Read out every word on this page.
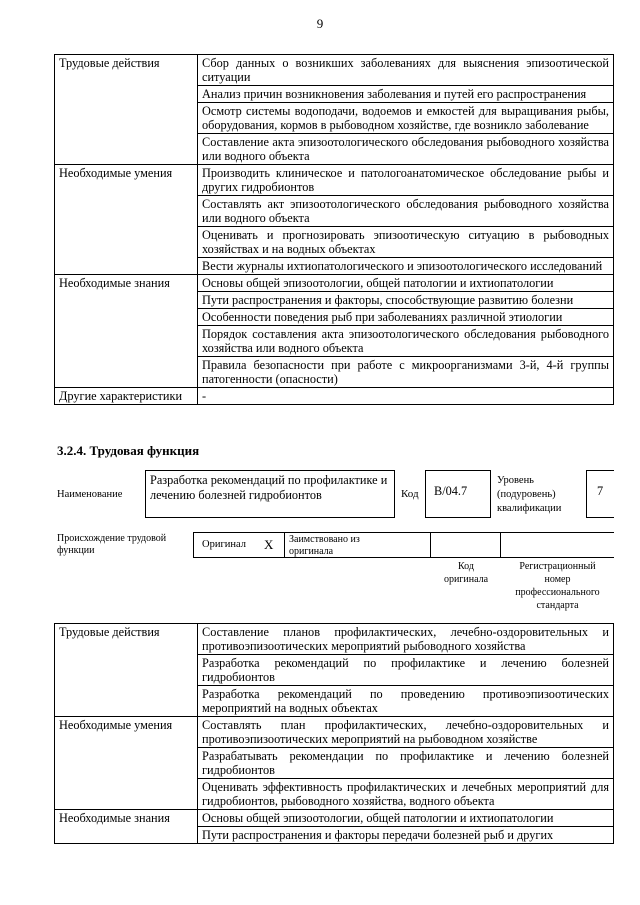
9
Трудовые действия	Сбор данных о возникших заболеваниях для выяснения эпизоотической ситуации
	Анализ причин возникновения заболевания и путей его распространения
	Осмотр системы водоподачи, водоемов и емкостей для выращивания рыбы, оборудования, кормов в рыбоводном хозяйстве, где возникло заболевание
	Составление акта эпизоотологического обследования рыбоводного хозяйства или водного объекта
Необходимые умения	Производить клиническое и патологоанатомическое обследование рыбы и других гидробионтов
	Составлять акт эпизоотологического обследования рыбоводного хозяйства или водного объекта
	Оценивать и прогнозировать эпизоотическую ситуацию в рыбоводных хозяйствах и на водных объектах
	Вести журналы ихтиопатологического и эпизоотологического исследований
Необходимые знания	Основы общей эпизоотологии, общей патологии и ихтиопатологии
	Пути распространения и факторы, способствующие развитию болезни
	Особенности поведения рыб при заболеваниях различной этиологии
	Порядок составления акта эпизоотологического обследования рыбоводного хозяйства или водного объекта
	Правила безопасности при работе с микроорганизмами 3-й, 4-й группы патогенности (опасности)
Другие характеристики	-
3.2.4. Трудовая функция
Наименование
Разработка рекомендаций по профилактике и лечению болезней гидробионтов	Код	B/04.7
Уровень
(подуровень)
квалификации
7
Происхождение трудовой
функции
Оригинал X Заимствовано из
оригинала
Код
оригинала
Регистрационный
номер
профессионального
стандарта
Трудовые действия	Составление планов профилактических, лечебно-оздоровительных и противоэпизоотических мероприятий рыбоводного хозяйства
	Разработка рекомендаций по профилактике и лечению болезней гидробионтов
	Разработка рекомендаций по проведению противоэпизоотических мероприятий на водных объектах
Необходимые умения	Составлять план профилактических, лечебно-оздоровительных и противоэпизоотических мероприятий на рыбоводном хозяйстве
	Разрабатывать рекомендации по профилактике и лечению болезней гидробионтов
	Оценивать эффективность профилактических и лечебных мероприятий для гидробионтов, рыбоводного хозяйства, водного объекта
Необходимые знания	Основы общей эпизоотологии, общей патологии и ихтиопатологии
	Пути распространения и факторы передачи болезней рыб и других
